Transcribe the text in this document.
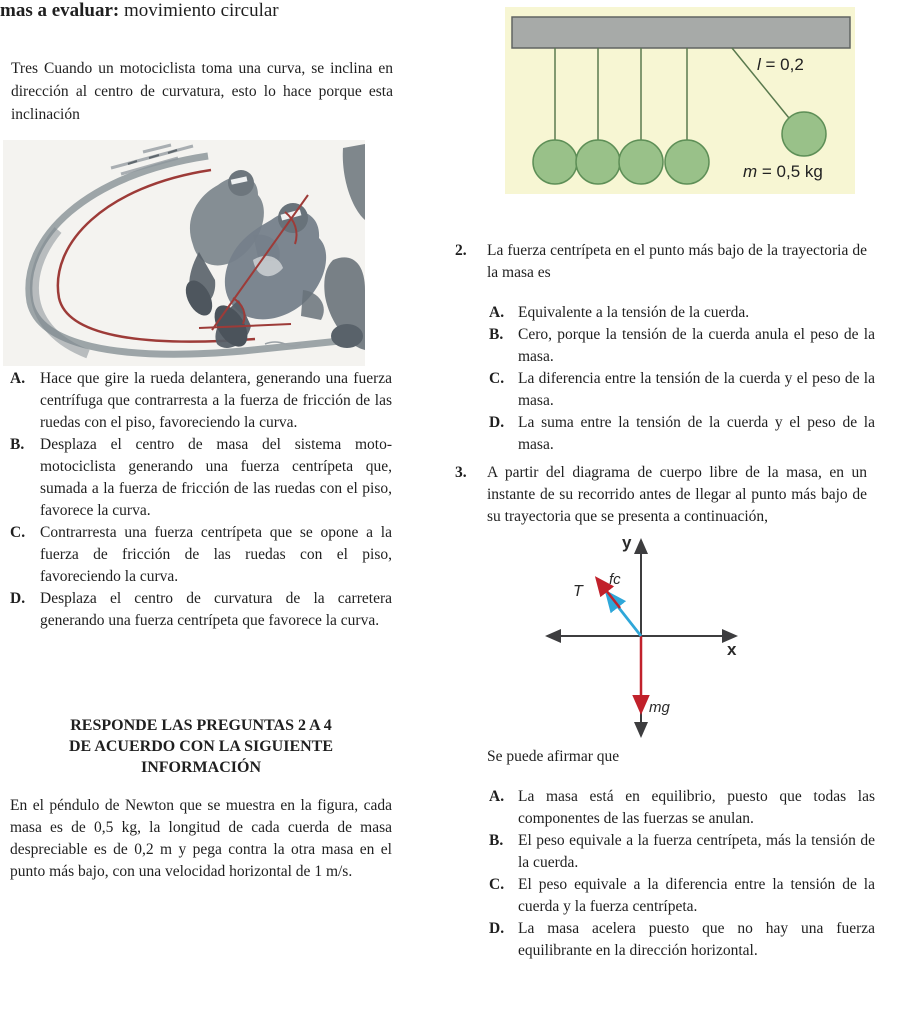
mas a evaluar: movimiento circular
Tres Cuando un motociclista toma una curva, se inclina en dirección al centro de curvatura, esto lo hace porque esta inclinación
A. Hace que gire la rueda delantera, generando una fuerza centrífuga que contrarresta a la fuerza de fricción de las ruedas con el piso, favoreciendo la curva.
B.	Desplaza el centro de masa del sistema moto-motociclista generando una fuerza centrípeta que, sumada a la fuerza de fricción de las ruedas con el piso, favorece la curva.
C. Contrarresta una fuerza centrípeta que se opone a la fuerza de fricción de las ruedas con el piso, favoreciendo la curva.
D. Desplaza el centro de curvatura de la carretera generando una fuerza centrípeta que favorece la curva.
RESPONDE LAS PREGUNTAS 2 A 4
DE ACUERDO CON LA SIGUIENTE
INFORMACIÓN
En el péndulo de Newton que se muestra en la figura, cada masa es de 0,5 kg, la longitud de cada cuerda de masa despreciable es de 0,2 m y pega contra la otra masa en el punto más bajo, con una velocidad horizontal de 1 m/s.
l = 0,2
m = 0,5 kg
2.	La fuerza centrípeta en el punto más bajo de la trayectoria de la masa es
A. Equivalente a la tensión de la cuerda.
B. Cero, porque la tensión de la cuerda anula el peso de la masa.
C. La diferencia entre la tensión de la cuerda y el peso de la masa.
D. La suma entre la tensión de la cuerda y el peso de la masa.
3.	A partir del diagrama de cuerpo libre de la masa, en un instante de su recorrido antes de llegar al punto más bajo de su trayectoria que se presenta a continuación,
y
x
T
fc
mg
Se puede afirmar que
A. La masa está en equilibrio, puesto que todas las componentes de las fuerzas se anulan.
B. El peso equivale a la fuerza centrípeta, más la tensión de la cuerda.
C. El peso equivale a la diferencia entre la tensión de la cuerda y la fuerza centrípeta.
D. La masa acelera puesto que no hay una fuerza equilibrante en la dirección horizontal.
